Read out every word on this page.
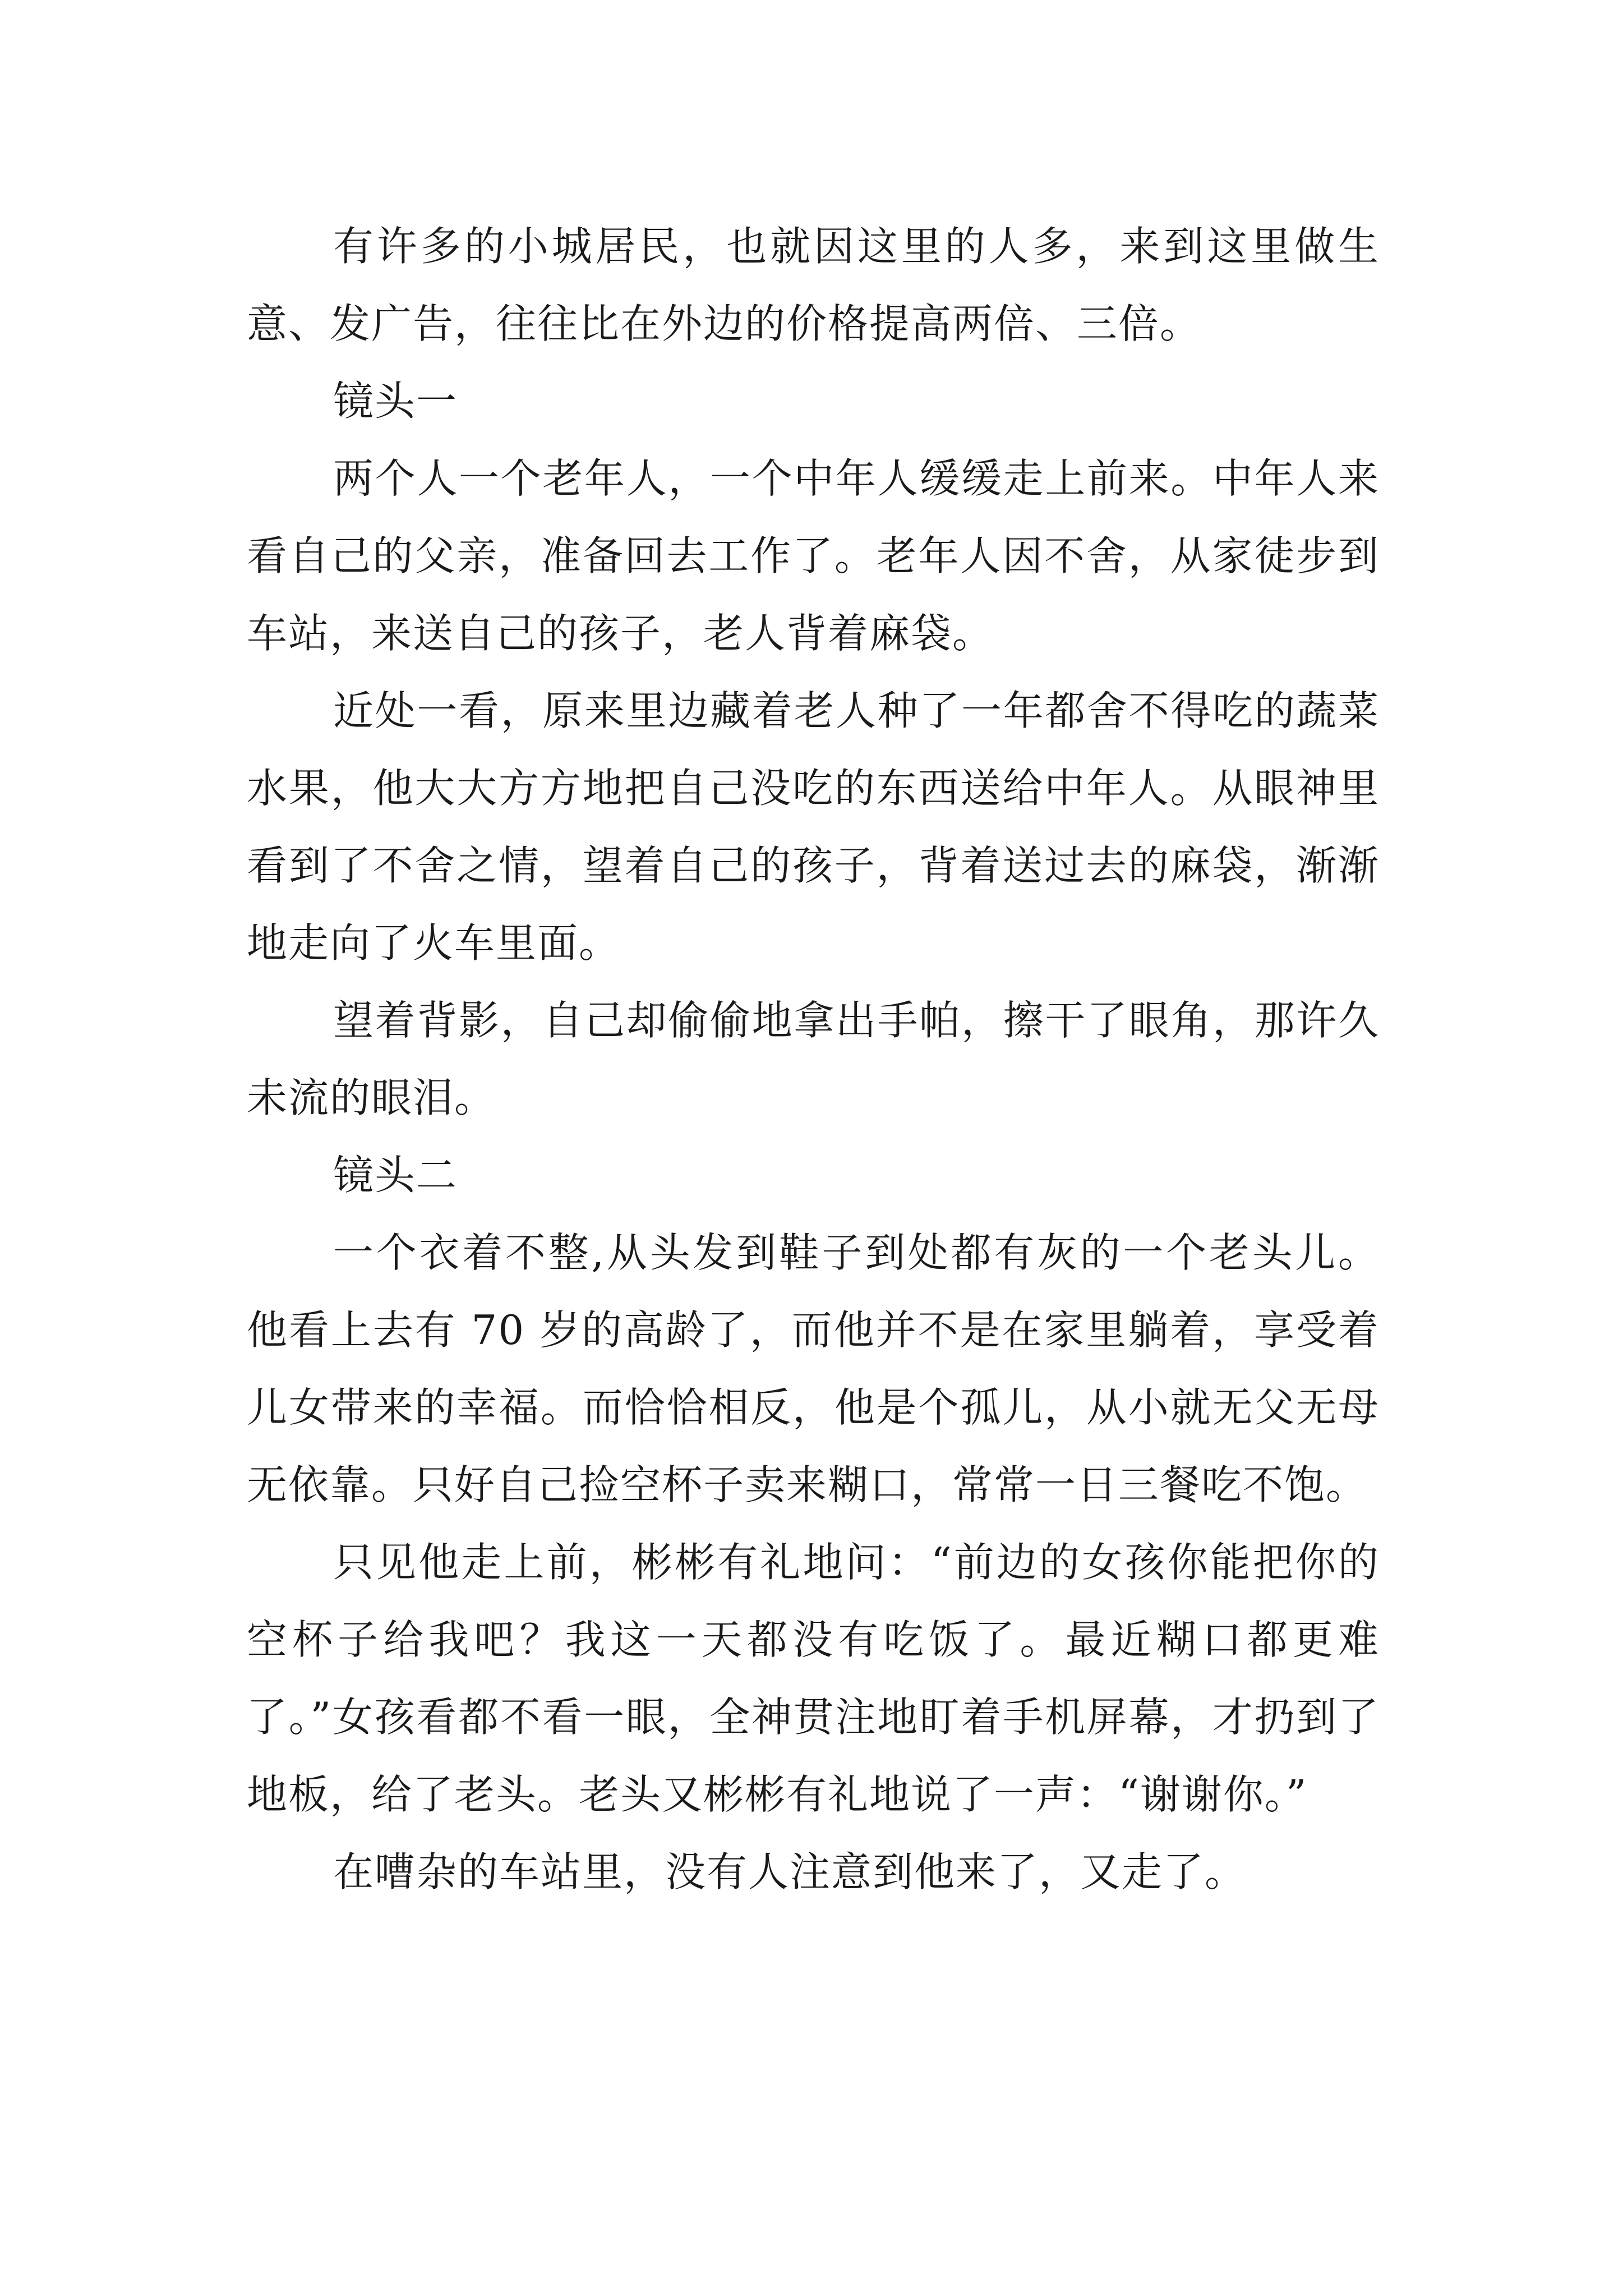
有许多的小城居民，也就因这里的人多，来到这里做生意、发广告，往往比在外边的价格提高两倍、三倍。

镜头一

两个人一个老年人，一个中年人缓缓走上前来。中年人来看自己的父亲，准备回去工作了。老年人因不舍，从家徒步到车站，来送自己的孩子，老人背着麻袋。

近处一看，原来里边藏着老人种了一年都舍不得吃的蔬菜水果，他大大方方地把自己没吃的东西送给中年人。从眼神里看到了不舍之情，望着自己的孩子，背着送过去的麻袋，渐渐地走向了火车里面。

望着背影，自己却偷偷地拿出手帕，擦干了眼角，那许久未流的眼泪。

镜头二

一个衣着不整,从头发到鞋子到处都有灰的一个老头儿。他看上去有 70 岁的高龄了，而他并不是在家里躺着，享受着儿女带来的幸福。而恰恰相反，他是个孤儿，从小就无父无母无依靠。只好自己捡空杯子卖来糊口，常常一日三餐吃不饱。

只见他走上前，彬彬有礼地问：“前边的女孩你能把你的空杯子给我吧？我这一天都没有吃饭了。最近糊口都更难了。”女孩看都不看一眼，全神贯注地盯着手机屏幕，才扔到了地板，给了老头。老头又彬彬有礼地说了一声：“谢谢你。”

在嘈杂的车站里，没有人注意到他来了，又走了。
